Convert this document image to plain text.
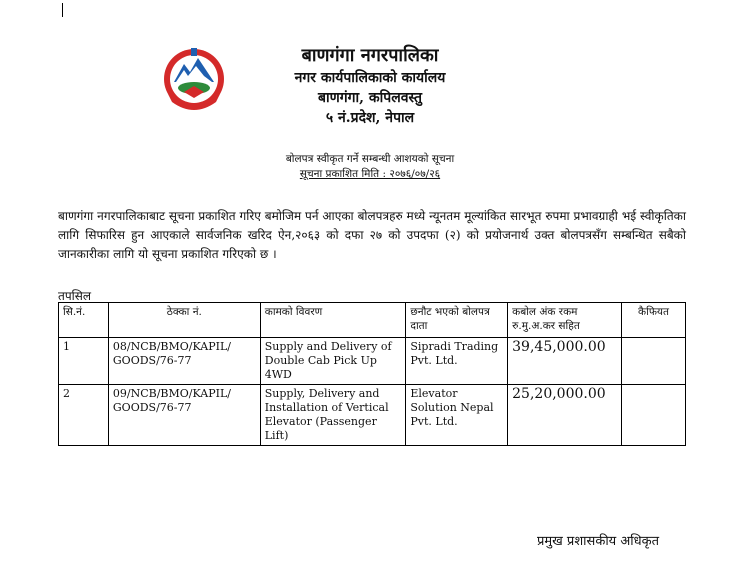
बाणगंगा नगरपालिका
नगर कार्यपालिकाको कार्यालय
बाणगंगा, कपिलवस्तु
५ नं.प्रदेश, नेपाल
बोलपत्र स्वीकृत गर्ने सम्बन्धी आशयको सूचना
सूचना प्रकाशित मिति : २०७६/०७/२६
बाणगंगा नगरपालिकाबाट सूचना प्रकाशित गरिए बमोजिम पर्न आएका बोलपत्रहरु मध्ये न्यूनतम मूल्यांकित सारभूत रुपमा प्रभावग्राही भई स्वीकृतिका लागि सिफारिस हुन आएकाले सार्वजनिक खरिद ऐन,२०६३ को दफा २७ को उपदफा (२) को प्रयोजनार्थ उक्त बोलपत्रसँग सम्बन्धित सबैको जानकारीका लागि यो सूचना प्रकाशित गरिएको छ ।
तपसिल
सि.नं.	ठेक्का नं.	कामको विवरण	छनौट भएको बोलपत्र दाता	कबोल अंक रकम रु.मु.अ.कर सहित	कैफियत
1	08/NCB/BMO/KAPIL/ GOODS/76-77	Supply and Delivery of Double Cab Pick Up 4WD	Sipradi Trading Pvt. Ltd.	39,45,000.00	
2	09/NCB/BMO/KAPIL/ GOODS/76-77	Supply, Delivery and Installation of Vertical Elevator (Passenger Lift)	Elevator Solution Nepal Pvt. Ltd.	25,20,000.00	
प्रमुख प्रशासकीय अधिकृत
